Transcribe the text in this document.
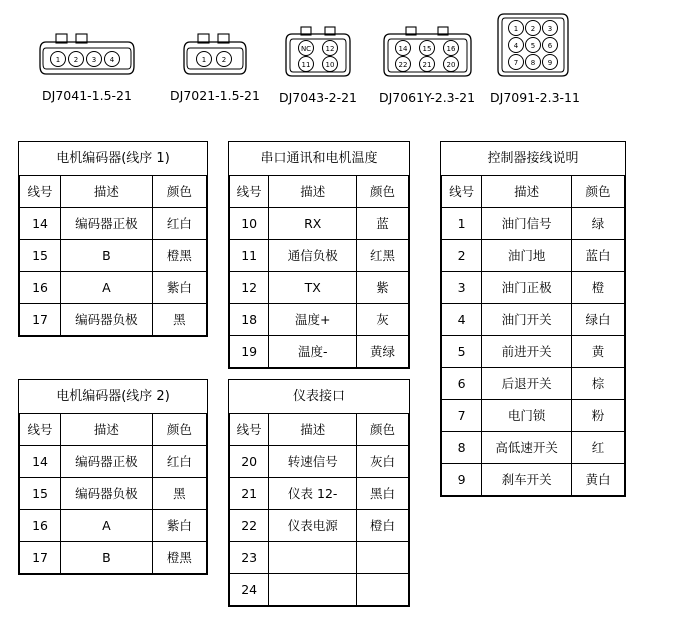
1 2 3 4
DJ7041-1.5-21
1 2
DJ7021-1.5-21
NC 12
11 10
DJ7043-2-21
14 15 16
22 21 20
DJ7061Y-2.3-21
1 2 3
4 5 6
7 8 9
DJ7091-2.3-11
电机编码器(线序 1)		
线号	描述	颜色
14	编码器正极	红白
15	B	橙黑
16	A	紫白
17	编码器负极	黑
电机编码器(线序 2)		
线号	描述	颜色
14	编码器正极	红白
15	编码器负极	黑
16	A	紫白
17	B	橙黑
串口通讯和电机温度		
线号	描述	颜色
10	RX	蓝
11	通信负极	红黑
12	TX	紫
18	温度+	灰
19	温度-	黄绿
仪表接口		
线号	描述	颜色
20	转速信号	灰白
21	仪表 12-	黑白
22	仪表电源	橙白
23		
24		
控制器接线说明		
线号	描述	颜色
1	油门信号	绿
2	油门地	蓝白
3	油门正极	橙
4	油门开关	绿白
5	前进开关	黄
6	后退开关	棕
7	电门锁	粉
8	高低速开关	红
9	刹车开关	黄白
